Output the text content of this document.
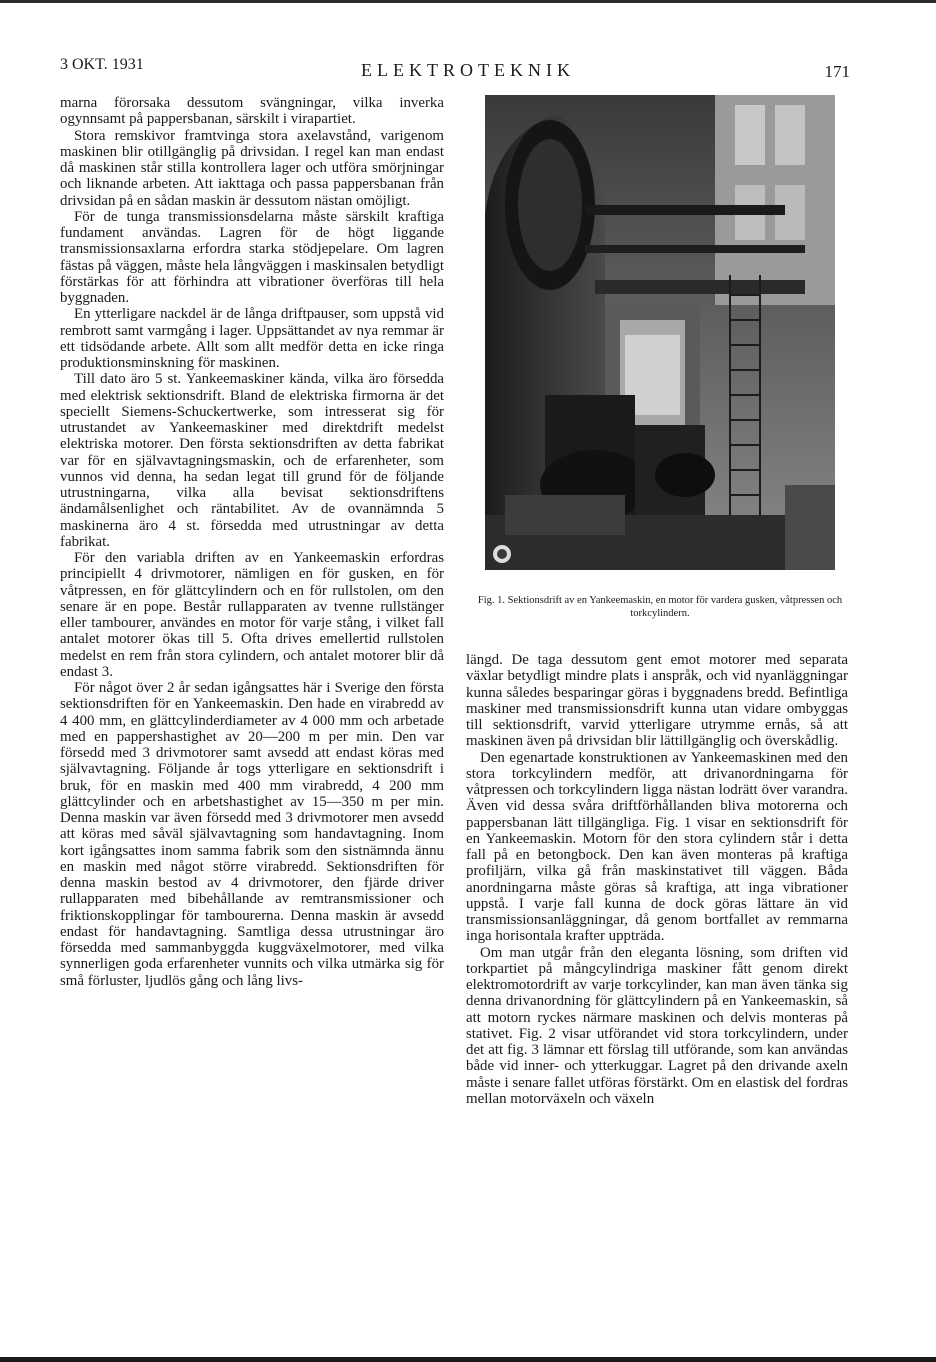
3 OKT. 1931	ELEKTROTEKNIK	171

marna förorsaka dessutom svängningar, vilka inverka ogynnsamt på pappersbanan, särskilt i virapartiet.

Stora remskivor framtvinga stora axelavstånd, varigenom maskinen blir otillgänglig på drivsidan. I regel kan man endast då maskinen står stilla kontrollera lager och utföra smörjningar och liknande arbeten. Att iakttaga och passa pappersbanan från drivsidan på en sådan maskin är dessutom nästan omöjligt.

För de tunga transmissionsdelarna måste särskilt kraftiga fundament användas. Lagren för de högt liggande transmissionsaxlarna erfordra starka stödjepelare. Om lagren fästas på väggen, måste hela långväggen i maskinsalen betydligt förstärkas för att förhindra att vibrationer överföras till hela byggnaden.

En ytterligare nackdel är de långa driftpauser, som uppstå vid rembrott samt varmgång i lager. Uppsättandet av nya remmar är ett tidsödande arbete. Allt som allt medför detta en icke ringa produktionsminskning för maskinen.

Till dato äro 5 st. Yankeemaskiner kända, vilka äro försedda med elektrisk sektionsdrift. Bland de elektriska firmorna är det speciellt Siemens-Schuckertwerke, som intresserat sig för utrustandet av Yankeemaskiner med direktdrift medelst elektriska motorer. Den första sektionsdriften av detta fabrikat var för en självavtagningsmaskin, och de erfarenheter, som vunnos vid denna, ha sedan legat till grund för de följande utrustningarna, vilka alla bevisat sektionsdriftens ändamålsenlighet och räntabilitet. Av de ovannämnda 5 maskinerna äro 4 st. försedda med utrustningar av detta fabrikat.

För den variabla driften av en Yankeemaskin erfordras principiellt 4 drivmotorer, nämligen en för gusken, en för våtpressen, en för glättcylindern och en för rullstolen, om den senare är en pope. Består rullapparaten av tvenne rullstänger eller tambourer, användes en motor för varje stång, i vilket fall antalet motorer ökas till 5. Ofta drives emellertid rullstolen medelst en rem från stora cylindern, och antalet motorer blir då endast 3.

För något över 2 år sedan igångsattes här i Sverige den första sektionsdriften för en Yankeemaskin. Den hade en virabredd av 4 400 mm, en glättcylinderdiameter av 4 000 mm och arbetade med en pappershastighet av 20—200 m per min. Den var försedd med 3 drivmotorer samt avsedd att endast köras med självavtagning. Följande år togs ytterligare en sektionsdrift i bruk, för en maskin med 400 mm virabredd, 4 200 mm glättcylinder och en arbetshastighet av 15—350 m per min. Denna maskin var även försedd med 3 drivmotorer men avsedd att köras med såväl självavtagning som handavtagning. Inom kort igångsattes inom samma fabrik som den sistnämnda ännu en maskin med något större virabredd. Sektionsdriften för denna maskin bestod av 4 drivmotorer, den fjärde driver rullapparaten med bibehållande av remtransmissioner och friktionskopplingar för tambourerna. Denna maskin är avsedd endast för handavtagning. Samtliga dessa utrustningar äro försedda med sammanbyggda kuggväxelmotorer, med vilka synnerligen goda erfarenheter vunnits och vilka utmärka sig för små förluster, ljudlös gång och lång livs-

Fig. 1. Sektionsdrift av en Yankeemaskin, en motor för vardera gusken, våtpressen och torkcylindern.

längd. De taga dessutom gent emot motorer med separata växlar betydligt mindre plats i anspråk, och vid nyanläggningar kunna således besparingar göras i byggnadens bredd. Befintliga maskiner med transmissionsdrift kunna utan vidare ombyggas till sektionsdrift, varvid ytterligare utrymme ernås, så att maskinen även på drivsidan blir lättillgänglig och överskådlig.

Den egenartade konstruktionen av Yankeemaskinen med den stora torkcylindern medför, att drivanordningarna för våtpressen och torkcylindern ligga nästan lodrätt över varandra. Även vid dessa svåra driftförhållanden bliva motorerna och pappersbanan lätt tillgängliga. Fig. 1 visar en sektionsdrift för en Yankeemaskin. Motorn för den stora cylindern står i detta fall på en betongbock. Den kan även monteras på kraftiga profiljärn, vilka gå från maskinstativet till väggen. Båda anordningarna måste göras så kraftiga, att inga vibrationer uppstå. I varje fall kunna de dock göras lättare än vid transmissionsanläggningar, då genom bortfallet av remmarna inga horisontala krafter uppträda.

Om man utgår från den eleganta lösning, som driften vid torkpartiet på mångcylindriga maskiner fått genom direkt elektromotordrift av varje torkcylinder, kan man även tänka sig denna drivanordning för glättcylindern på en Yankeemaskin, så att motorn ryckes närmare maskinen och delvis monteras på stativet. Fig. 2 visar utförandet vid stora torkcylindern, under det att fig. 3 lämnar ett förslag till utförande, som kan användas både vid inner- och ytterkuggar. Lagret på den drivande axeln måste i senare fallet utföras förstärkt. Om en elastisk del fordras mellan motorväxeln och växeln
